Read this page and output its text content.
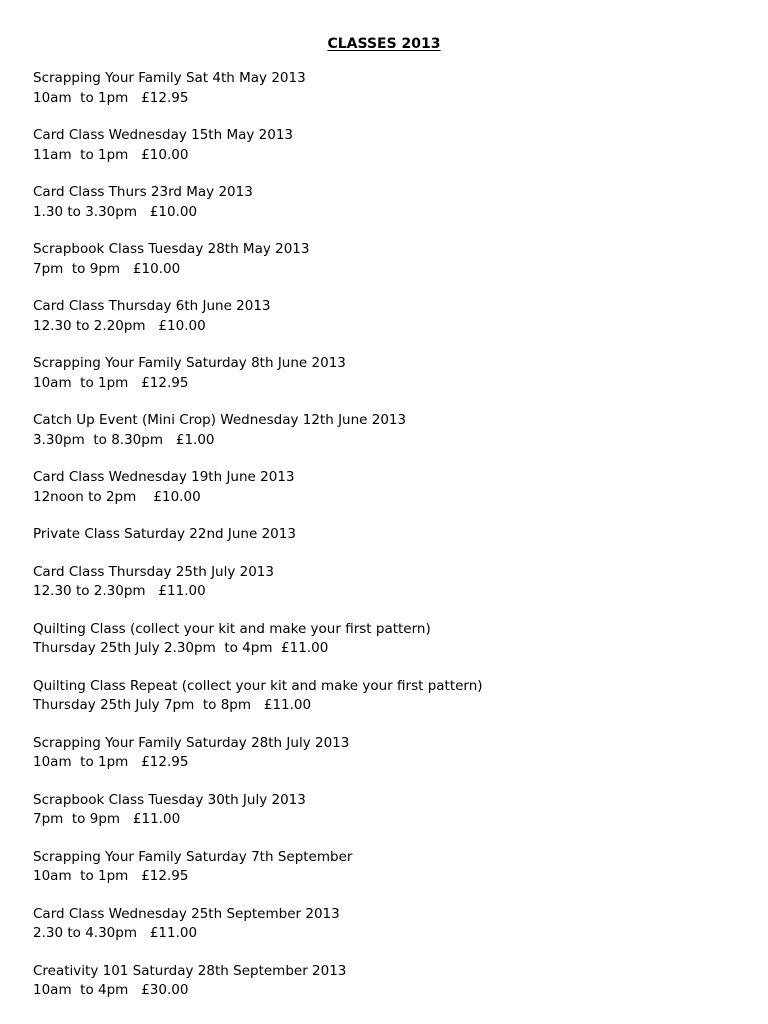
CLASSES 2013
Scrapping Your Family Sat 4th May 2013
10am  to 1pm   £12.95
Card Class Wednesday 15th May 2013
11am  to 1pm   £10.00
Card Class Thurs 23rd May 2013
1.30 to 3.30pm   £10.00
Scrapbook Class Tuesday 28th May 2013
7pm  to 9pm   £10.00
Card Class Thursday 6th June 2013
12.30 to 2.20pm   £10.00
Scrapping Your Family Saturday 8th June 2013
10am  to 1pm   £12.95
Catch Up Event (Mini Crop) Wednesday 12th June 2013
3.30pm  to 8.30pm   £1.00
Card Class Wednesday 19th June 2013
12noon to 2pm    £10.00
Private Class Saturday 22nd June 2013
Card Class Thursday 25th July 2013
12.30 to 2.30pm   £11.00
Quilting Class (collect your kit and make your first pattern)
Thursday 25th July 2.30pm  to 4pm  £11.00
Quilting Class Repeat (collect your kit and make your first pattern)
Thursday 25th July 7pm  to 8pm   £11.00
Scrapping Your Family Saturday 28th July 2013
10am  to 1pm   £12.95
Scrapbook Class Tuesday 30th July 2013
7pm  to 9pm   £11.00
Scrapping Your Family Saturday 7th September
10am  to 1pm   £12.95
Card Class Wednesday 25th September 2013
2.30 to 4.30pm   £11.00
Creativity 101 Saturday 28th September 2013
10am  to 4pm   £30.00
